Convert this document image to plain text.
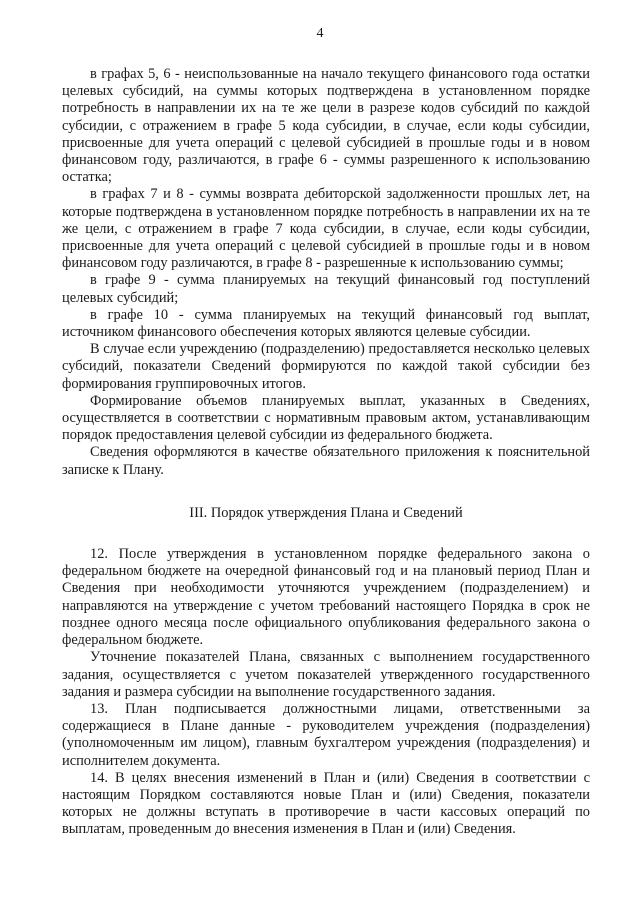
4

в графах 5, 6 - неиспользованные на начало текущего финансового года остатки целевых субсидий, на суммы которых подтверждена в установленном порядке потребность в направлении их на те же цели в разрезе кодов субсидий по каждой субсидии, с отражением в графе 5 кода субсидии, в случае, если коды субсидии, присвоенные для учета операций с целевой субсидией в прошлые годы и в новом финансовом году, различаются, в графе 6 - суммы разрешенного к использованию остатка;

в графах 7 и 8 - суммы возврата дебиторской задолженности прошлых лет, на которые подтверждена в установленном порядке потребность в направлении их на те же цели, с отражением в графе 7 кода субсидии, в случае, если коды субсидии, присвоенные для учета операций с целевой субсидией в прошлые годы и в новом финансовом году различаются, в графе 8 - разрешенные к использованию суммы;

в графе 9 - сумма планируемых на текущий финансовый год поступлений целевых субсидий;

в графе 10 - сумма планируемых на текущий финансовый год выплат, источником финансового обеспечения которых являются целевые субсидии.

В случае если учреждению (подразделению) предоставляется несколько целевых субсидий, показатели Сведений формируются по каждой такой субсидии без формирования группировочных итогов.

Формирование объемов планируемых выплат, указанных в Сведениях, осуществляется в соответствии с нормативным правовым актом, устанавливающим порядок предоставления целевой субсидии из федерального бюджета.

Сведения оформляются в качестве обязательного приложения к пояснительной записке к Плану.

III. Порядок утверждения Плана и Сведений

12. После утверждения в установленном порядке федерального закона о федеральном бюджете на очередной финансовый год и на плановый период План и Сведения при необходимости уточняются учреждением (подразделением) и направляются на утверждение с учетом требований настоящего Порядка в срок не позднее одного месяца после официального опубликования федерального закона о федеральном бюджете.

Уточнение показателей Плана, связанных с выполнением государственного задания, осуществляется с учетом показателей утвержденного государственного задания и размера субсидии на выполнение государственного задания.

13. План подписывается должностными лицами, ответственными за содержащиеся в Плане данные - руководителем учреждения (подразделения) (уполномоченным им лицом), главным бухгалтером учреждения (подразделения) и исполнителем документа.

14. В целях внесения изменений в План и (или) Сведения в соответствии с настоящим Порядком составляются новые План и (или) Сведения, показатели которых не должны вступать в противоречие в части кассовых операций по выплатам, проведенным до внесения изменения в План и (или) Сведения.
